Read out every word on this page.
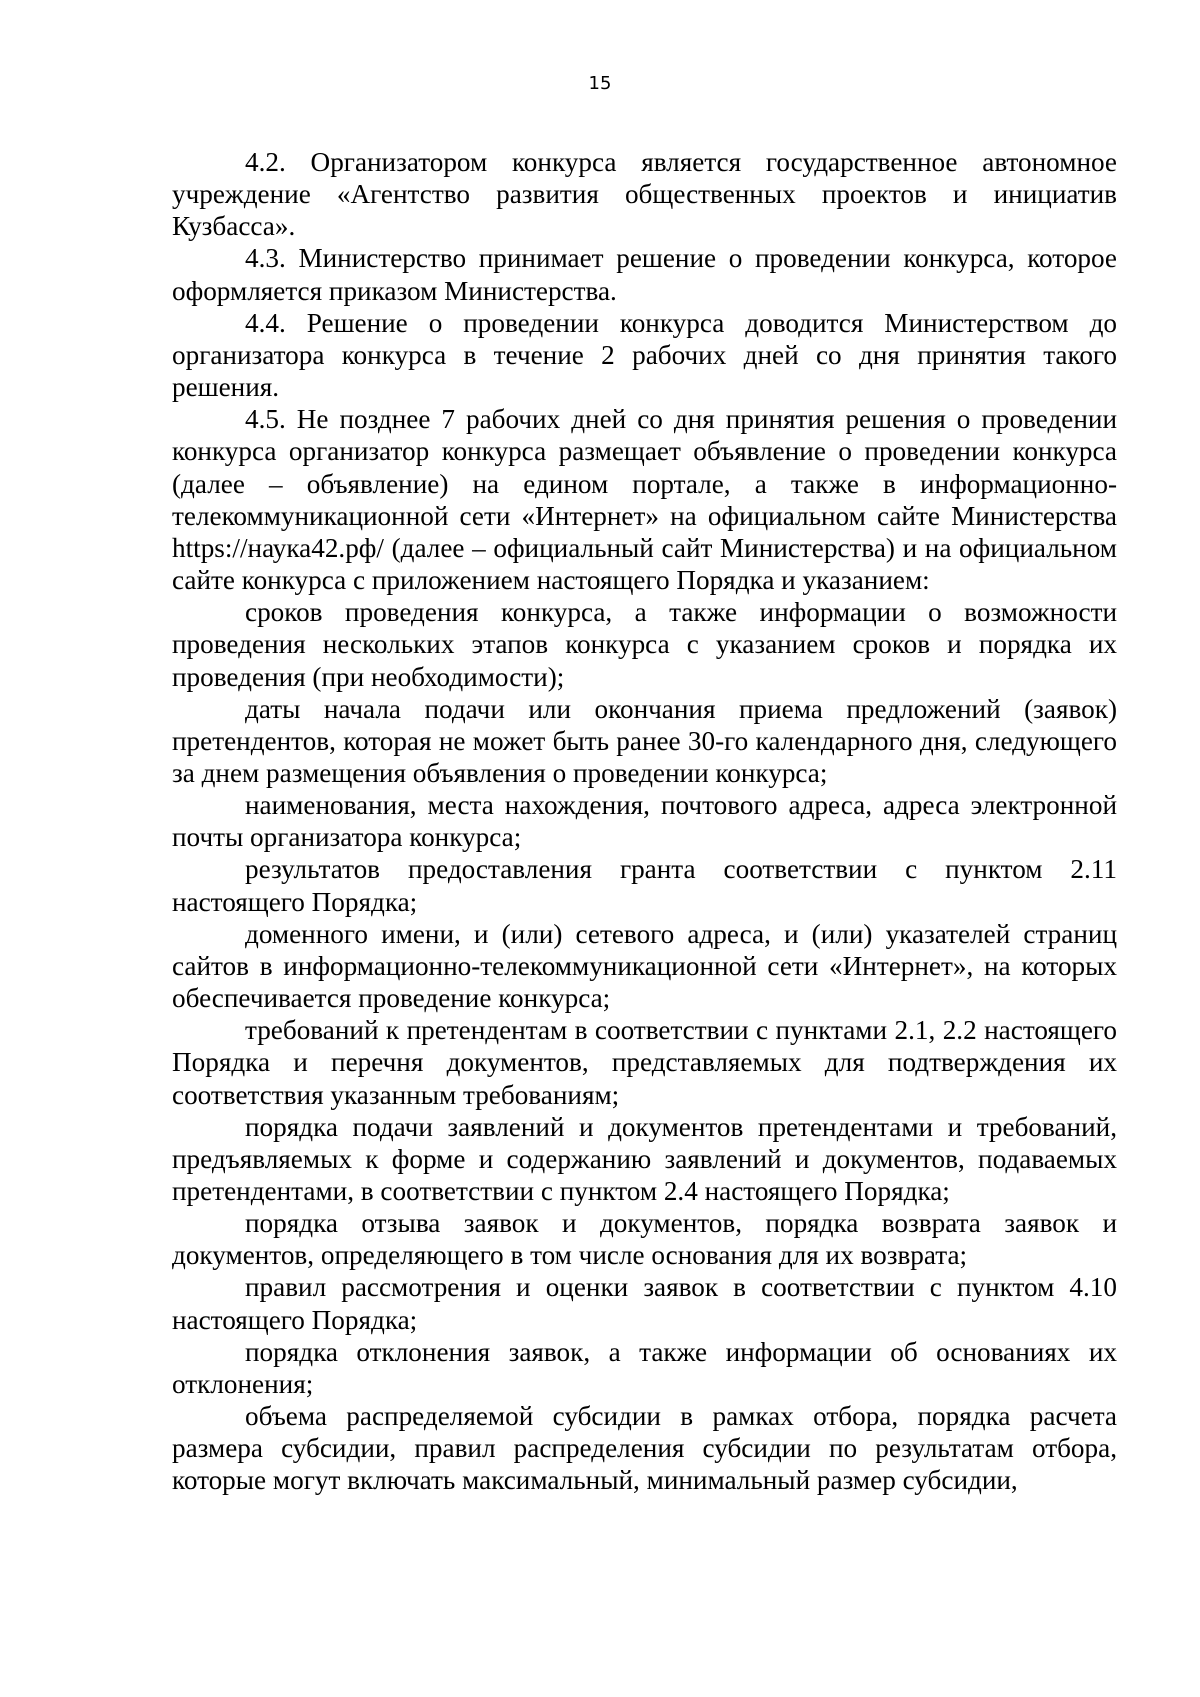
15

4.2. Организатором конкурса является государственное автономное учреждение «Агентство развития общественных проектов и инициатив Кузбасса».

4.3. Министерство принимает решение о проведении конкурса, которое оформляется приказом Министерства.

4.4. Решение о проведении конкурса доводится Министерством до организатора конкурса в течение 2 рабочих дней со дня принятия такого решения.

4.5. Не позднее 7 рабочих дней со дня принятия решения о проведении конкурса организатор конкурса размещает объявление о проведении конкурса (далее – объявление) на едином портале, а также в информационно-телекоммуникационной сети «Интернет» на официальном сайте Министерства https://наука42.рф/ (далее – официальный сайт Министерства) и на официальном сайте конкурса с приложением настоящего Порядка и указанием:

сроков проведения конкурса, а также информации о возможности проведения нескольких этапов конкурса с указанием сроков и порядка их проведения (при необходимости);

даты начала подачи или окончания приема предложений (заявок) претендентов, которая не может быть ранее 30-го календарного дня, следующего за днем размещения объявления о проведении конкурса;

наименования, места нахождения, почтового адреса, адреса электронной почты организатора конкурса;

результатов предоставления гранта соответствии с пунктом 2.11 настоящего Порядка;

доменного имени, и (или) сетевого адреса, и (или) указателей страниц сайтов в информационно-телекоммуникационной сети «Интернет», на которых обеспечивается проведение конкурса;

требований к претендентам в соответствии с пунктами 2.1, 2.2 настоящего Порядка и перечня документов, представляемых для подтверждения их соответствия указанным требованиям;

порядка подачи заявлений и документов претендентами и требований, предъявляемых к форме и содержанию заявлений и документов, подаваемых претендентами, в соответствии с пунктом 2.4 настоящего Порядка;

порядка отзыва заявок и документов, порядка возврата заявок и документов, определяющего в том числе основания для их возврата;

правил рассмотрения и оценки заявок в соответствии с пунктом 4.10 настоящего Порядка;

порядка отклонения заявок, а также информации об основаниях их отклонения;

объема распределяемой субсидии в рамках отбора, порядка расчета размера субсидии, правил распределения субсидии по результатам отбора, которые могут включать максимальный, минимальный размер субсидии,
